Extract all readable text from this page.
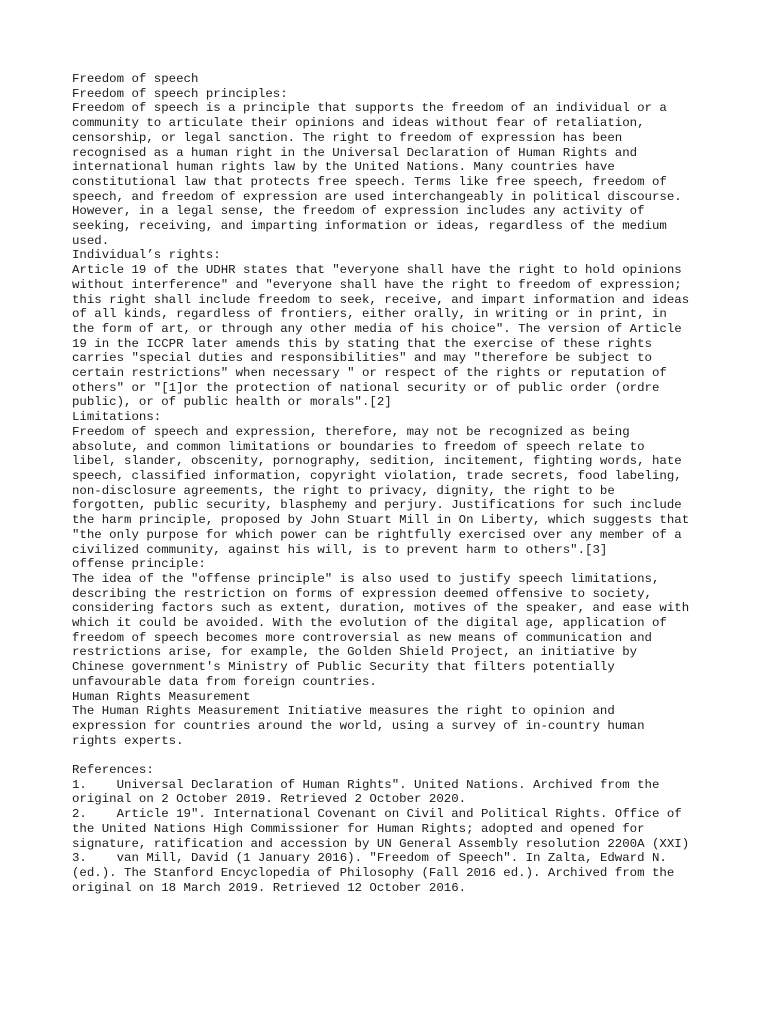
Freedom of speech
Freedom of speech principles:
Freedom of speech is a principle that supports the freedom of an individual or a
community to articulate their opinions and ideas without fear of retaliation,
censorship, or legal sanction. The right to freedom of expression has been
recognised as a human right in the Universal Declaration of Human Rights and
international human rights law by the United Nations. Many countries have
constitutional law that protects free speech. Terms like free speech, freedom of
speech, and freedom of expression are used interchangeably in political discourse.
However, in a legal sense, the freedom of expression includes any activity of
seeking, receiving, and imparting information or ideas, regardless of the medium
used.
Individual’s rights:
Article 19 of the UDHR states that "everyone shall have the right to hold opinions
without interference" and "everyone shall have the right to freedom of expression;
this right shall include freedom to seek, receive, and impart information and ideas
of all kinds, regardless of frontiers, either orally, in writing or in print, in
the form of art, or through any other media of his choice". The version of Article
19 in the ICCPR later amends this by stating that the exercise of these rights
carries "special duties and responsibilities" and may "therefore be subject to
certain restrictions" when necessary " or respect of the rights or reputation of
others" or "[1]or the protection of national security or of public order (ordre
public), or of public health or morals".[2]
Limitations:
Freedom of speech and expression, therefore, may not be recognized as being
absolute, and common limitations or boundaries to freedom of speech relate to
libel, slander, obscenity, pornography, sedition, incitement, fighting words, hate
speech, classified information, copyright violation, trade secrets, food labeling,
non-disclosure agreements, the right to privacy, dignity, the right to be
forgotten, public security, blasphemy and perjury. Justifications for such include
the harm principle, proposed by John Stuart Mill in On Liberty, which suggests that
"the only purpose for which power can be rightfully exercised over any member of a
civilized community, against his will, is to prevent harm to others".[3]
offense principle:
The idea of the "offense principle" is also used to justify speech limitations,
describing the restriction on forms of expression deemed offensive to society,
considering factors such as extent, duration, motives of the speaker, and ease with
which it could be avoided. With the evolution of the digital age, application of
freedom of speech becomes more controversial as new means of communication and
restrictions arise, for example, the Golden Shield Project, an initiative by
Chinese government's Ministry of Public Security that filters potentially
unfavourable data from foreign countries.
Human Rights Measurement
The Human Rights Measurement Initiative measures the right to opinion and
expression for countries around the world, using a survey of in-country human
rights experts.
References:
1. Universal Declaration of Human Rights". United Nations. Archived from the
original on 2 October 2019. Retrieved 2 October 2020.
2. Article 19". International Covenant on Civil and Political Rights. Office of
the United Nations High Commissioner for Human Rights; adopted and opened for
signature, ratification and accession by UN General Assembly resolution 2200A (XXI)
3. van Mill, David (1 January 2016). "Freedom of Speech". In Zalta, Edward N.
(ed.). The Stanford Encyclopedia of Philosophy (Fall 2016 ed.). Archived from the
original on 18 March 2019. Retrieved 12 October 2016.
